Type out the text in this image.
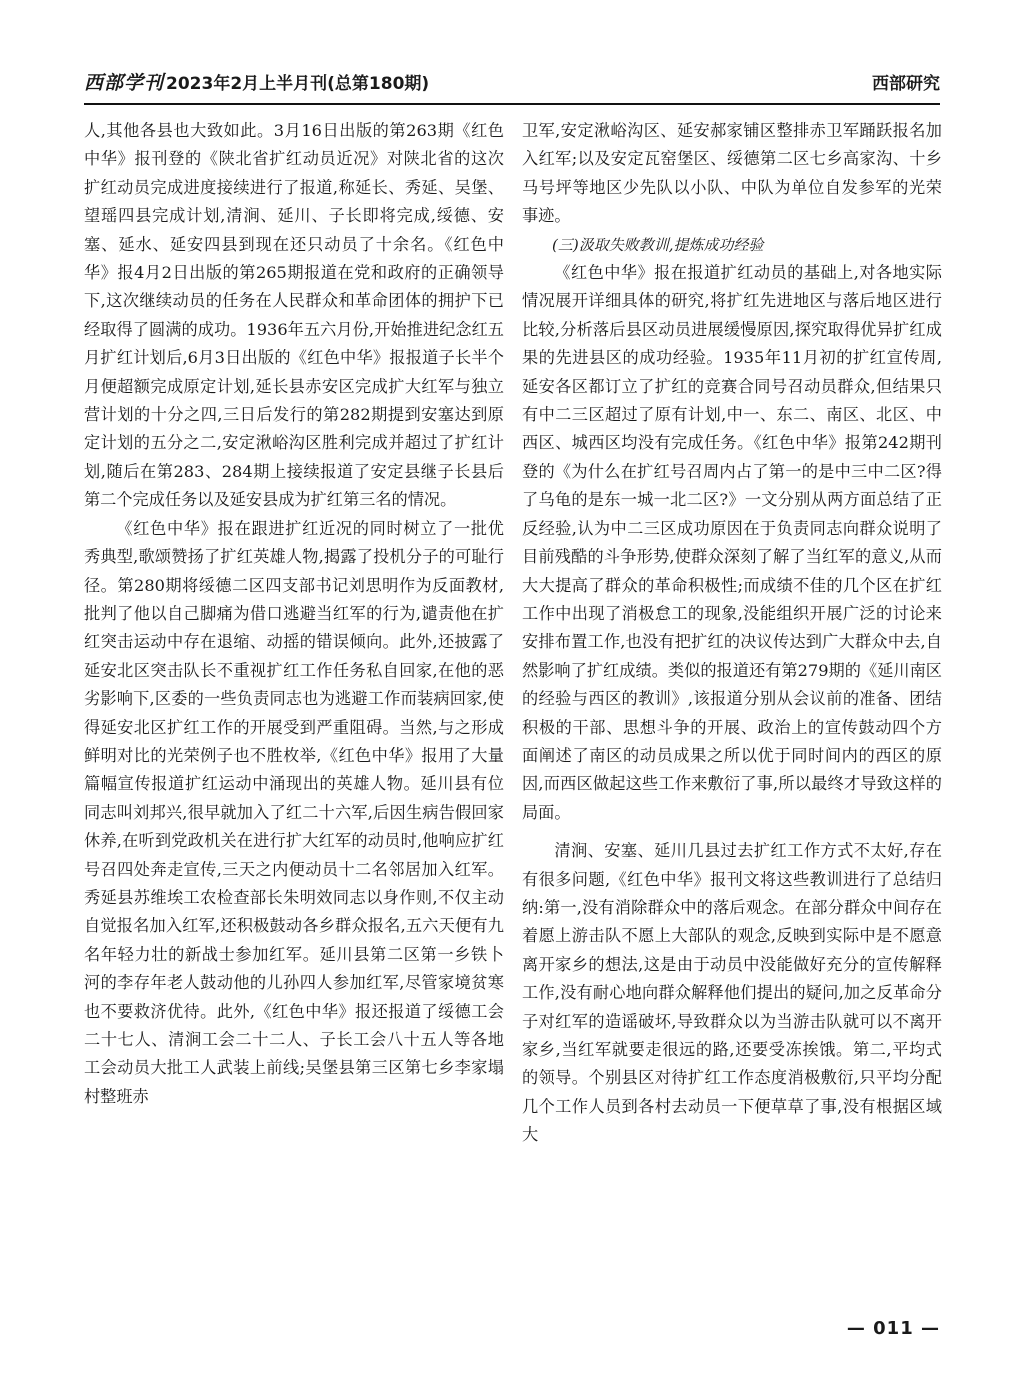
西部学刊 2023年2月上半月刊(总第180期)	西部研究

人,其他各县也大致如此。3月16日出版的第263期《红色中华》报刊登的《陕北省扩红动员近况》对陕北省的这次扩红动员完成进度接续进行了报道,称延长、秀延、吴堡、望瑶四县完成计划,清涧、延川、子长即将完成,绥德、安塞、延水、延安四县到现在还只动员了十余名。《红色中华》报4月2日出版的第265期报道在党和政府的正确领导下,这次继续动员的任务在人民群众和革命团体的拥护下已经取得了圆满的成功。1936年五六月份,开始推进纪念红五月扩红计划后,6月3日出版的《红色中华》报报道子长半个月便超额完成原定计划,延长县赤安区完成扩大红军与独立营计划的十分之四,三日后发行的第282期提到安塞达到原定计划的五分之二,安定湫峪沟区胜利完成并超过了扩红计划,随后在第283、284期上接续报道了安定县继子长县后第二个完成任务以及延安县成为扩红第三名的情况。

《红色中华》报在跟进扩红近况的同时树立了一批优秀典型,歌颂赞扬了扩红英雄人物,揭露了投机分子的可耻行径。第280期将绥德二区四支部书记刘思明作为反面教材,批判了他以自己脚痛为借口逃避当红军的行为,谴责他在扩红突击运动中存在退缩、动摇的错误倾向。此外,还披露了延安北区突击队长不重视扩红工作任务私自回家,在他的恶劣影响下,区委的一些负责同志也为逃避工作而装病回家,使得延安北区扩红工作的开展受到严重阻碍。当然,与之形成鲜明对比的光荣例子也不胜枚举,《红色中华》报用了大量篇幅宣传报道扩红运动中涌现出的英雄人物。延川县有位同志叫刘邦兴,很早就加入了红二十六军,后因生病告假回家休养,在听到党政机关在进行扩大红军的动员时,他响应扩红号召四处奔走宣传,三天之内便动员十二名邻居加入红军。秀延县苏维埃工农检查部长朱明效同志以身作则,不仅主动自觉报名加入红军,还积极鼓动各乡群众报名,五六天便有九名年轻力壮的新战士参加红军。延川县第二区第一乡铁卜河的李存年老人鼓动他的儿孙四人参加红军,尽管家境贫寒也不要救济优待。此外,《红色中华》报还报道了绥德工会二十七人、清涧工会二十二人、子长工会八十五人等各地工会动员大批工人武装上前线;吴堡县第三区第七乡李家塌村整班赤

卫军,安定湫峪沟区、延安郝家铺区整排赤卫军踊跃报名加入红军;以及安定瓦窑堡区、绥德第二区七乡高家沟、十乡马号坪等地区少先队以小队、中队为单位自发参军的光荣事迹。

(三)汲取失败教训,提炼成功经验

《红色中华》报在报道扩红动员的基础上,对各地实际情况展开详细具体的研究,将扩红先进地区与落后地区进行比较,分析落后县区动员进展缓慢原因,探究取得优异扩红成果的先进县区的成功经验。1935年11月初的扩红宣传周,延安各区都订立了扩红的竞赛合同号召动员群众,但结果只有中二三区超过了原有计划,中一、东二、南区、北区、中西区、城西区均没有完成任务。《红色中华》报第242期刊登的《为什么在扩红号召周内占了第一的是中三中二区?得了乌龟的是东一城一北二区?》一文分别从两方面总结了正反经验,认为中二三区成功原因在于负责同志向群众说明了目前残酷的斗争形势,使群众深刻了解了当红军的意义,从而大大提高了群众的革命积极性;而成绩不佳的几个区在扩红工作中出现了消极怠工的现象,没能组织开展广泛的讨论来安排布置工作,也没有把扩红的决议传达到广大群众中去,自然影响了扩红成绩。类似的报道还有第279期的《延川南区的经验与西区的教训》,该报道分别从会议前的准备、团结积极的干部、思想斗争的开展、政治上的宣传鼓动四个方面阐述了南区的动员成果之所以优于同时间内的西区的原因,而西区做起这些工作来敷衍了事,所以最终才导致这样的局面。

清涧、安塞、延川几县过去扩红工作方式不太好,存在有很多问题,《红色中华》报刊文将这些教训进行了总结归纳:第一,没有消除群众中的落后观念。在部分群众中间存在着愿上游击队不愿上大部队的观念,反映到实际中是不愿意离开家乡的想法,这是由于动员中没能做好充分的宣传解释工作,没有耐心地向群众解释他们提出的疑问,加之反革命分子对红军的造谣破坏,导致群众以为当游击队就可以不离开家乡,当红军就要走很远的路,还要受冻挨饿。第二,平均式的领导。个别县区对待扩红工作态度消极敷衍,只平均分配几个工作人员到各村去动员一下便草草了事,没有根据区域大

— 011 —
